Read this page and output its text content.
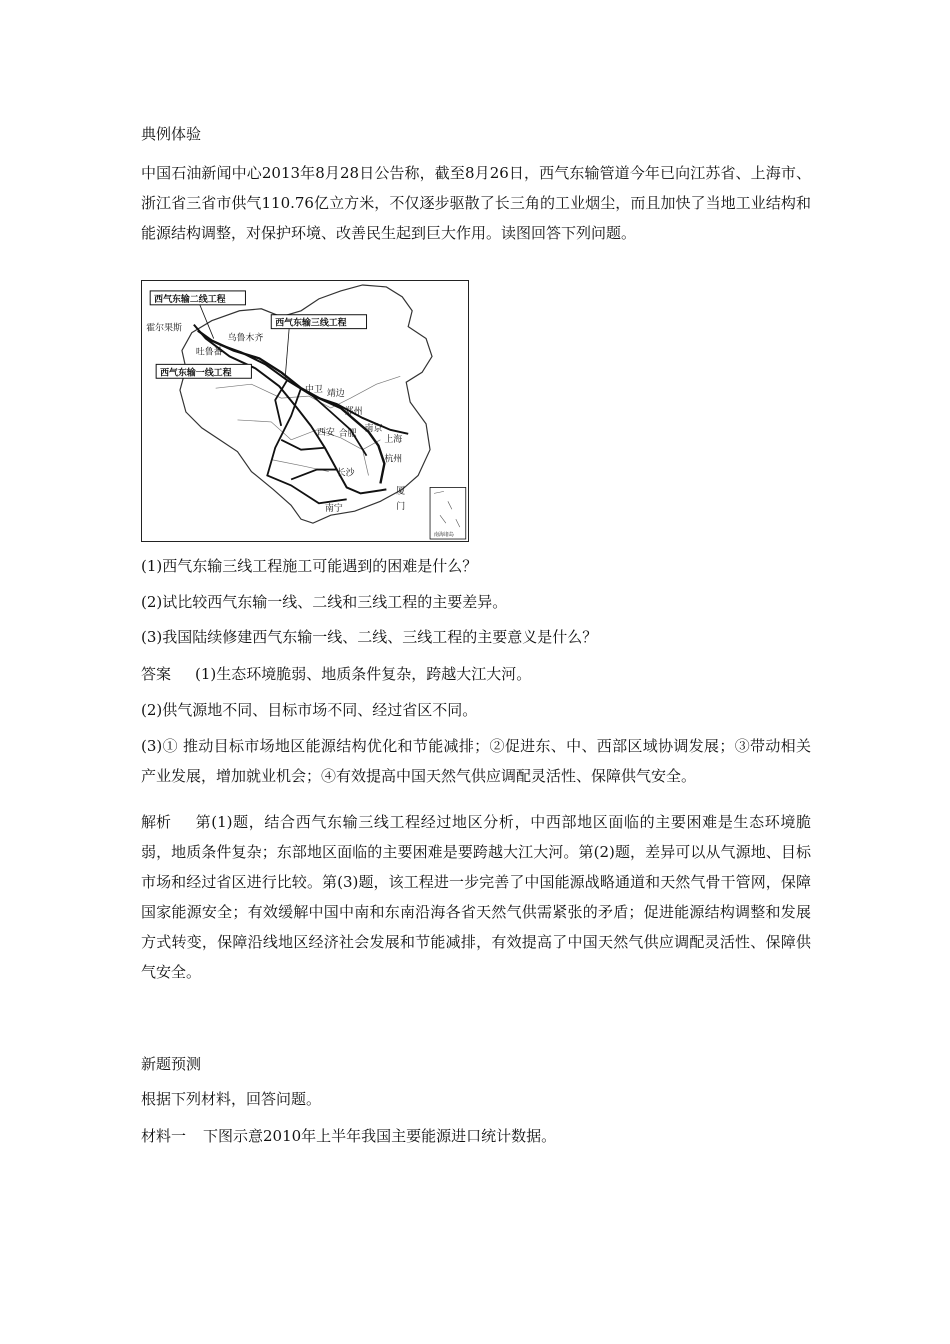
典例体验

中国石油新闻中心2013年8月28日公告称，截至8月26日，西气东输管道今年已向江苏省、上海市、浙江省三省市供气110.76亿立方米，不仅逐步驱散了长三角的工业烟尘，而且加快了当地工业结构和能源结构调整，对保护环境、改善民生起到巨大作用。读图回答下列问题。

西气东输二线工程
西气东输三线工程
西气东输一线工程
霍尔果斯
乌鲁木齐
吐鲁番
中卫 靖边
郑州
西安 合肥 南京
上海
杭州
长沙
南宁
厦
门
南海诸岛
(1)西气东输三线工程施工可能遇到的困难是什么？
(2)试比较西气东输一线、二线和三线工程的主要差异。
(3)我国陆续修建西气东输一线、二线、三线工程的主要意义是什么？
答案 (1)生态环境脆弱、地质条件复杂，跨越大江大河。
(2)供气源地不同、目标市场不同、经过省区不同。

(3)① 推动目标市场地区能源结构优化和节能减排；②促进东、中、西部区域协调发展；③带动相关产业发展，增加就业机会；④有效提高中国天然气供应调配灵活性、保障供气安全。

解析 第(1)题，结合西气东输三线工程经过地区分析，中西部地区面临的主要困难是生态环境脆弱，地质条件复杂；东部地区面临的主要困难是要跨越大江大河。第(2)题，差异可以从气源地、目标市场和经过省区进行比较。第(3)题，该工程进一步完善了中国能源战略通道和天然气骨干管网，保障国家能源安全；有效缓解中国中南和东南沿海各省天然气供需紧张的矛盾；促进能源结构调整和发展方式转变，保障沿线地区经济社会发展和节能减排，有效提高了中国天然气供应调配灵活性、保障供气安全。

新题预测
根据下列材料，回答问题。
材料一 下图示意2010年上半年我国主要能源进口统计数据。
